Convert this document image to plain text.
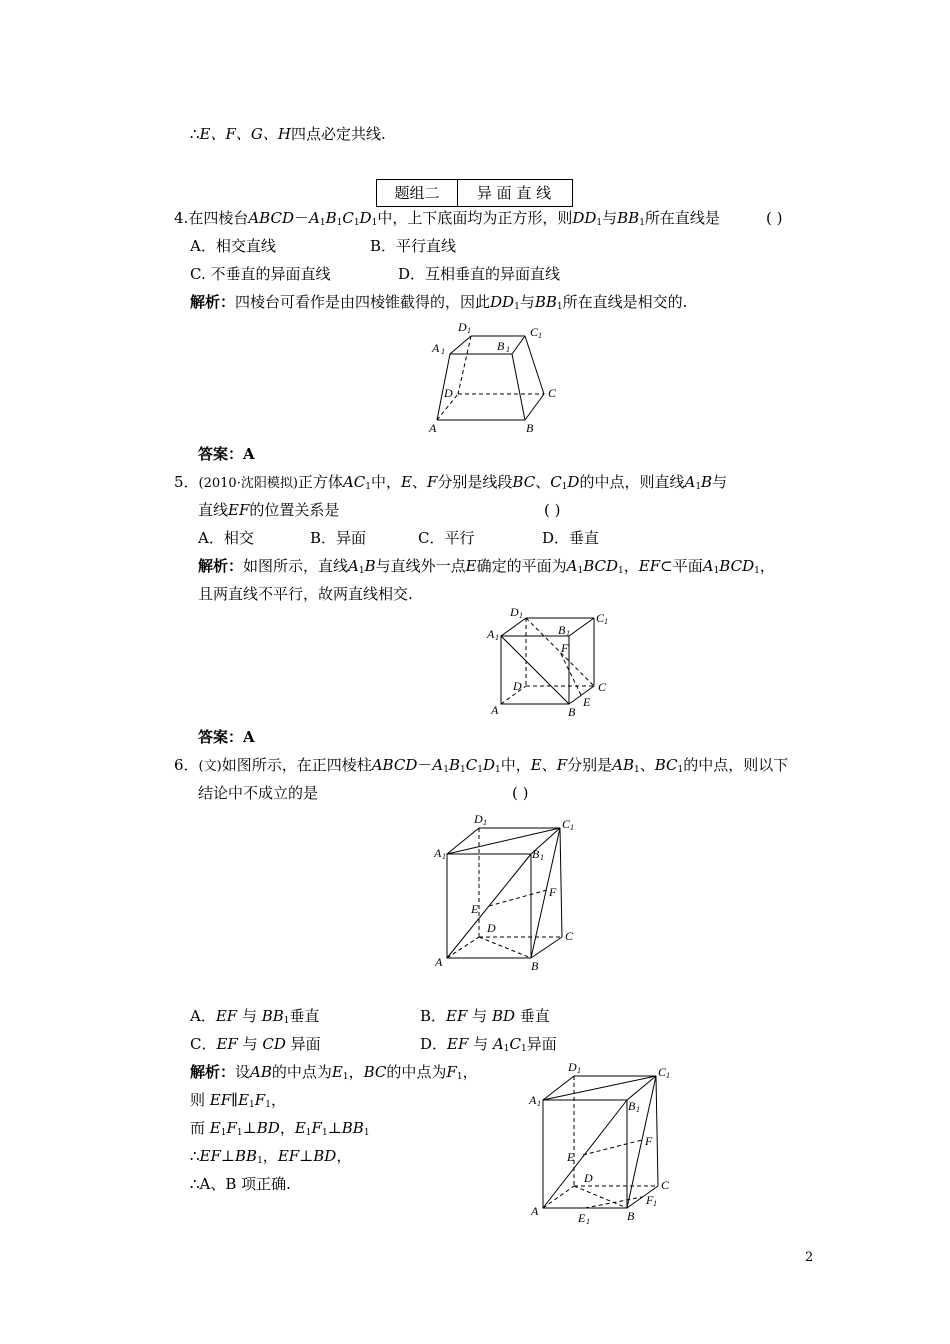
∴E、F、G、H四点必定共线.
题组二	异 面 直 线
4.在四棱台$ABCD-A_1B_1C_1D_1$中，上下底面均为正方形，则$DD_1$与$BB_1$所在直线是	( )
A．相交直线	B．平行直线
C. 不垂直的异面直线	D．互相垂直的异面直线
解析：四棱台可看作是由四棱锥截得的，因此$DD_1$与$BB_1$所在直线是相交的.
A 1
D 1
B 1
C 1
D	C
A	B
答案：A
5．(2010·沈阳模拟)正方体$AC_1$中，E、F分别是线段BC、$C_1D$的中点，则直线$A_1B$与
直线EF的位置关系是	( )
A．相交	B．异面	C．平行	D．垂直
解析：如图所示，直线$A_1B$与直线外一点E确定的平面为$A_1BCD_1$，EF⊂平面$A_1BCD_1$，
且两直线不平行，故两直线相交.
A 1
D 1
B 1
C 1
F
D	C
A	B
E
答案：A
6．(文)如图所示，在正四棱柱$ABCD-A_1B_1C_1D_1$中，E、F分别是$AB_1$、$BC_1$的中点，则以下
结论中不成立的是	( )
A 1
D 1
B 1
C 1
F
E
D
C
A	B
A．EF 与 $BB_1$垂直	B．EF 与 BD 垂直
C．EF 与 CD 异面	D．EF 与 $A_1C_1$异面
解析：设AB的中点为$E_1$，BC的中点为$F_1$，
则 $EF\parallel E_1F_1$，
而 $E_1F_1\perp BD$，$E_1F_1\perp BB_1$
$\therefore EF\perp BB_1$，EF⊥BD，
∴A、B 项正确.
A 1
D 1
B 1
C 1
F
E
D	C
A	B
F 1
E 1
2
